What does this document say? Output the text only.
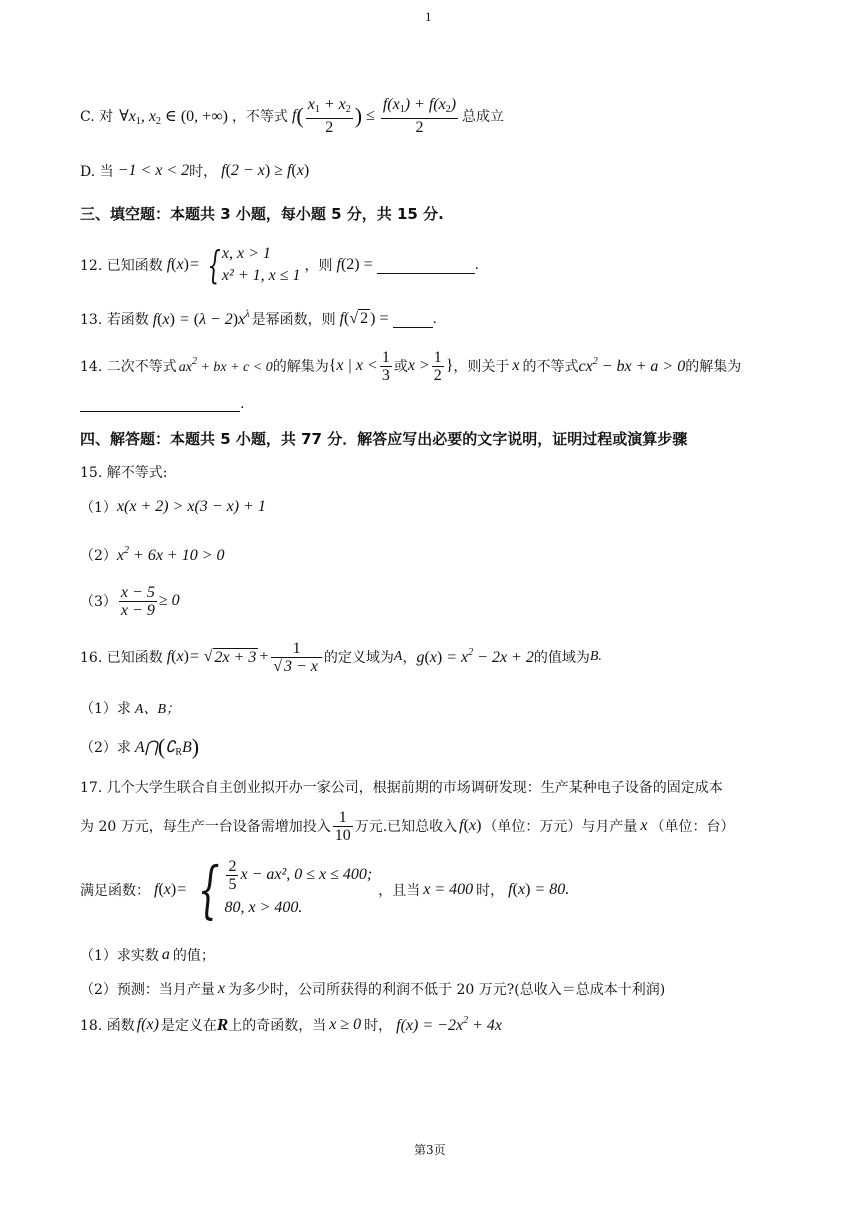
1
C. 对 $\forall x_1$, $x_2$ ∈ (0, +∞) ，不等式 f ( $\frac{x_1 + x_2}{2}$ ) ≤ $\frac{f(x_1) + f(x_2)}{2}$ 总成立
D. 当 −1 < x < 2 时， f(2 − x) ≥ f(x)
三、填空题：本题共 3 小题，每小题 5 分，共 15 分.
12. 已知函数 f ( x ) = { x, x > 1
x² + 1, x ≤ 1
，则 f(2) =	.
13. 若函数 $f(x) = (\lambda - 2)x^\lambda$ 是幂函数，则 f(√ 2 ) =	.
14. 二次不等式 $ax^2$ + bx + c < 0 的解集为 { x | $x < \frac{1}{3}$ 或 $x > \frac{1}{2}$ } ，则关于 x 的不等式 $cx^2$ − bx + a > 0 的解集为
.
四、解答题：本题共 5 小题，共 77 分．解答应写出必要的文字说明，证明过程或演算步骤
15. 解不等式:
（1） x(x + 2) > x(3 − x) + 1
（2） $x^2 + 6x + 10 > 0$
$(3) \frac{x - 5}{x - 9} \ge 0$
16. 已知函数 f ( x ) = √ $2x + 3 + \frac{1}{√ 3 - x}$ 的定义域为 A ， $g(x) = x^2 - 2x + 2$ 的值域为 B.
（1）求 A、B；
（2）求 $A⋂(∁_RB)$
17. 几个大学生联合自主创业拟开办一家公司，根据前期的市场调研发现：生产某种电子设备的固定成本
为 20 万元，每生产一台设备需增加投入 $\frac{1}{10}$ 万元.已知总收入 f(x) （单位：万元）与月产量 x （单位：台）
满足函数： f ( x ) = { $\frac{2}{5}$ x − ax², 0 ≤ x ≤ 400;
80, x > 400.
，且当 x = 400 时， f(x) = 80.
（1）求实数 a 的值；
（2）预测：当月产量 x 为多少时，公司所获得的利润不低于 20 万元?(总收入＝总成本十利润)
18. 函数 f(x) 是定义在 R 上的奇函数，当 x ≥ 0 时， $f(x) = -2x^2 + 4x$
第3页
